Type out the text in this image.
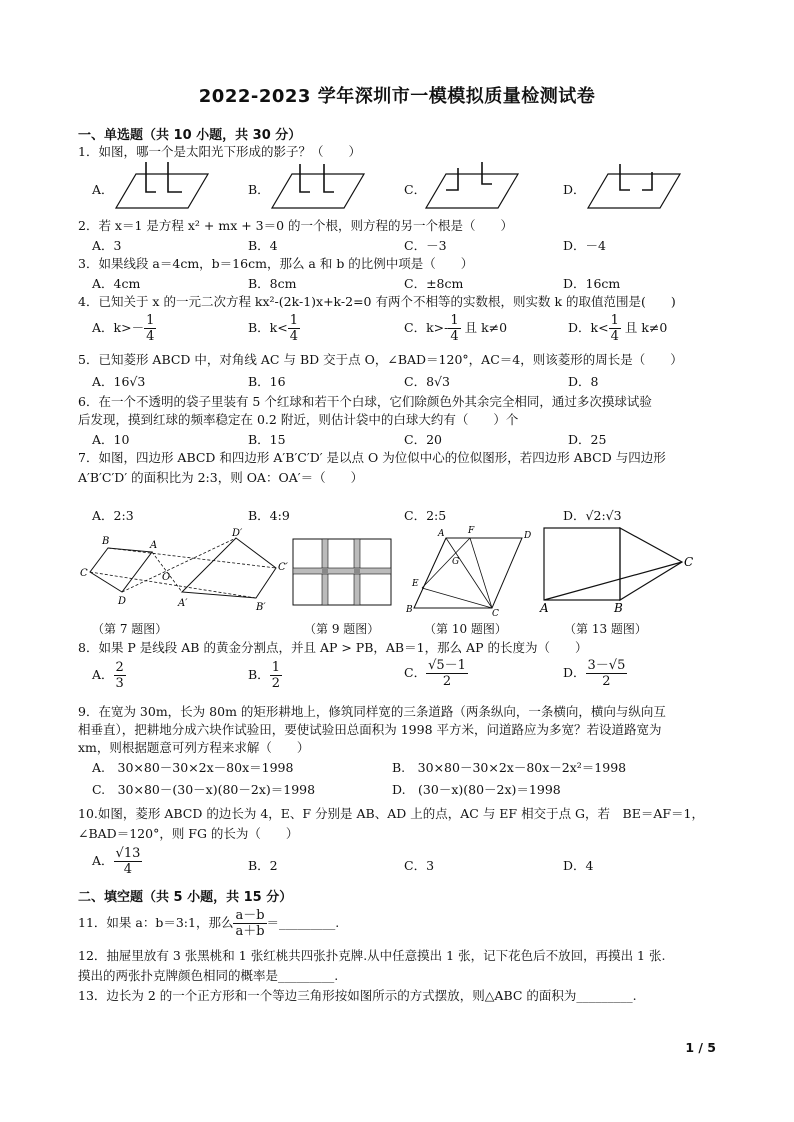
2022-2023 学年深圳市一模模拟质量检测试卷
一、单选题（共 10 小题，共 30 分）
1．如图，哪一个是太阳光下形成的影子？（　　）
A．	B．	C．	D．
2．若 x＝1 是方程 x² + mx + 3＝0 的一个根，则方程的另一个根是（　　）
A．3	B．4	C．－3	D．－4
3．如果线段 a＝4cm，b＝16cm，那么 a 和 b 的比例中项是（　　）
A．4cm	B．8cm	C．±8cm	D．16cm
4．已知关于 x 的一元二次方程 kx²-(2k-1)x+k-2=0 有两个不相等的实数根，则实数 k 的取值范围是(　　)
A．$k>- \frac{1}{4}$	B．$k< \frac{1}{4}$	C．$k>- \frac{1}{4}$ 且 k≠0	D．$k< \frac{1}{4}$ 且 k≠0
5．已知菱形 ABCD 中，对角线 AC 与 BD 交于点 O，∠BAD＝120°，AC＝4，则该菱形的周长是（　　）
A．16√3	B．16	C．8√3	D．8
6．在一个不透明的袋子里装有 5 个红球和若干个白球，它们除颜色外其余完全相同，通过多次摸球试验
后发现，摸到红球的频率稳定在 0.2 附近，则估计袋中的白球大约有（　　）个
A．10	B．15	C．20	D．25
7．如图，四边形 ABCD 和四边形 A′B′C′D′ 是以点 O 为位似中心的位似图形，若四边形 ABCD 与四边形
A′B′C′D′ 的面积比为 2:3，则 OA：OA′＝（　　）
A．2:3	B．4:9	C．2:5	D．√2:√3
B	A
C
D
O
D′
C′
B′
A′
（第 7 题图）	（第 9 题图）
A	F	D
G
E
B	C
（第 10 题图）
A	B
C
（第 13 题图）
8．如果 P 是线段 AB 的黄金分割点，并且 AP > PB，AB＝1，那么 AP 的长度为（　　）
A． $\frac{2}{3}$	B． $\frac{1}{2}$	C． $\frac{√5-1}{2}$	D． $\frac{3-√5}{2}$
9．在宽为 30m，长为 80m 的矩形耕地上，修筑同样宽的三条道路（两条纵向，一条横向，横向与纵向互
相垂直），把耕地分成六块作试验田，要使试验田总面积为 1998 平方米，问道路应为多宽？若设道路宽为
xm，则根据题意可列方程来求解（　　）
A.　30×80－30×2x－80x＝1998	B.　30×80－30×2x－80x－2x²＝1998
C.　30×80－(30－x)(80－2x)＝1998	D.　(30－x)(80－2x)＝1998
10.如图，菱形 ABCD 的边长为 4，E、F 分别是 AB、AD 上的点，AC 与 EF 相交于点 G，若　BE＝AF＝1，
∠BAD＝120°，则 FG 的长为（　　）
A． $\frac{√13}{4}$	B．2	C．3	D．4
二、填空题（共 5 小题，共 15 分）
11．如果 a：b＝3:1，那么 $\frac{a-b}{a+b}$ ＝_________.
12．抽屉里放有 3 张黑桃和 1 张红桃共四张扑克牌.从中任意摸出 1 张，记下花色后不放回，再摸出 1 张.
摸出的两张扑克牌颜色相同的概率是_________.
13．边长为 2 的一个正方形和一个等边三角形按如图所示的方式摆放，则△ABC 的面积为_________.
1 / 5
